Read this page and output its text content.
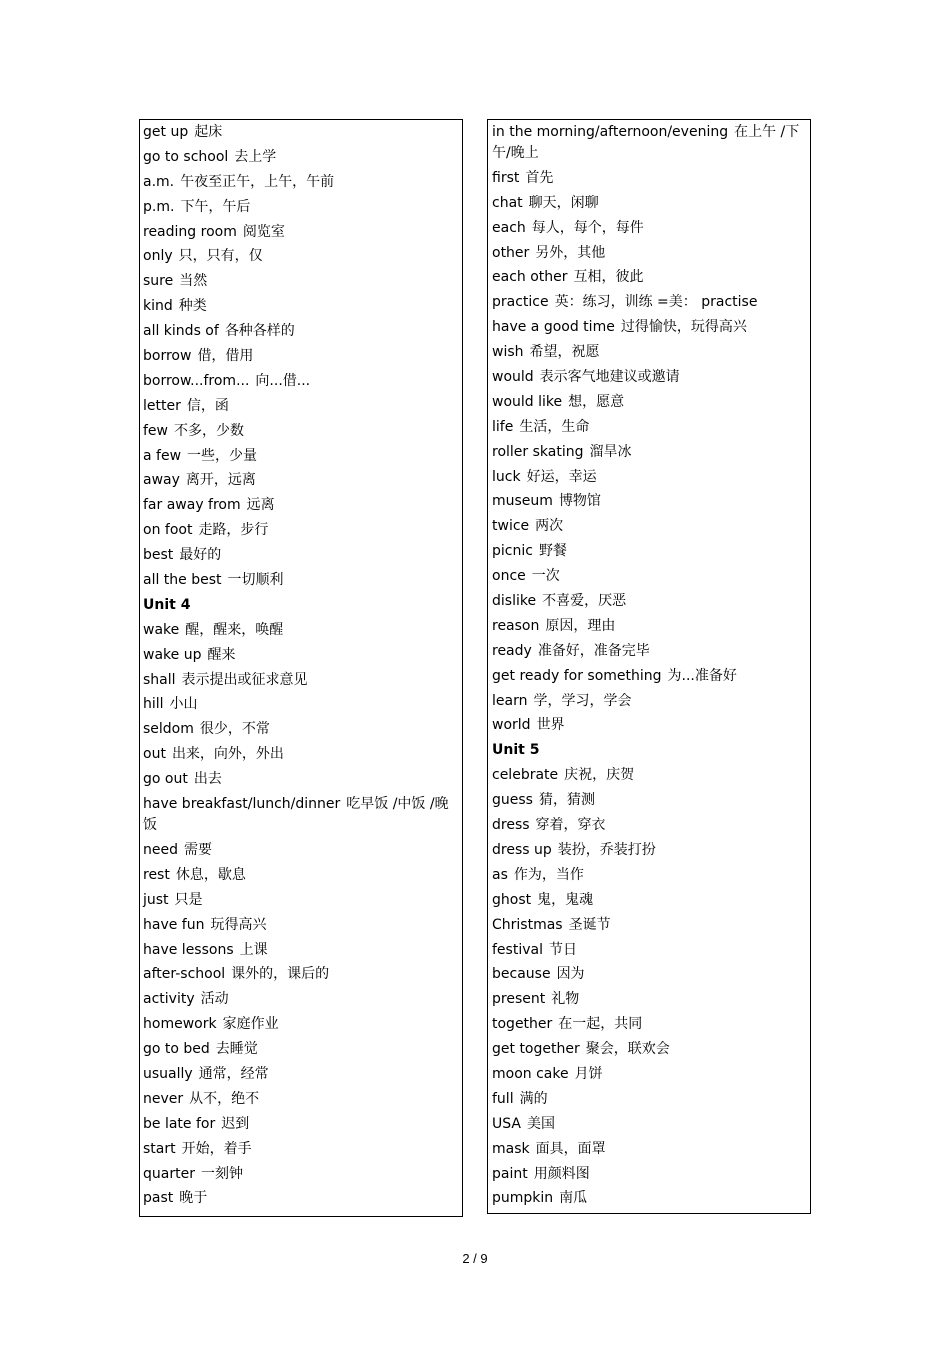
get up 起床
go to school 去上学
a.m. 午夜至正午，上午，午前
p.m. 下午，午后
reading room 阅览室
only 只，只有，仅
sure 当然
kind 种类
all kinds of 各种各样的
borrow 借，借用
borrow...from... 向...借...
letter 信，函
few 不多，少数
a few 一些，少量
away 离开，远离
far away from 远离
on foot 走路，步行
best 最好的
all the best 一切顺利
Unit 4
wake 醒，醒来，唤醒
wake up 醒来
shall 表示提出或征求意见
hill 小山
seldom 很少，不常
out 出来，向外，外出
go out 出去
have breakfast/lunch/dinner 吃早饭 /中饭 /晚饭
need 需要
rest 休息，歇息
just 只是
have fun 玩得高兴
have lessons 上课
after-school 课外的，课后的
activity 活动
homework 家庭作业
go to bed 去睡觉
usually 通常，经常
never 从不，绝不
be late for 迟到
start 开始，着手
quarter 一刻钟
past 晚于
in the morning/afternoon/evening 在上午 /下午/晚上
first 首先
chat 聊天，闲聊
each 每人，每个，每件
other 另外，其他
each other 互相，彼此
practice 英：练习，训练 =美： practise
have a good time 过得愉快，玩得高兴
wish 希望，祝愿
would 表示客气地建议或邀请
would like 想，愿意
life 生活，生命
roller skating 溜旱冰
luck 好运，幸运
museum 博物馆
twice 两次
picnic 野餐
once 一次
dislike 不喜爱，厌恶
reason 原因，理由
ready 准备好，准备完毕
get ready for something 为...准备好
learn 学，学习，学会
world 世界
Unit 5
celebrate 庆祝，庆贺
guess 猜，猜测
dress 穿着，穿衣
dress up 装扮，乔装打扮
as 作为，当作
ghost 鬼，鬼魂
Christmas 圣诞节
festival 节日
because 因为
present 礼物
together 在一起，共同
get together 聚会，联欢会
moon cake 月饼
full 满的
USA 美国
mask 面具，面罩
paint 用颜料图
pumpkin 南瓜
2 / 9
